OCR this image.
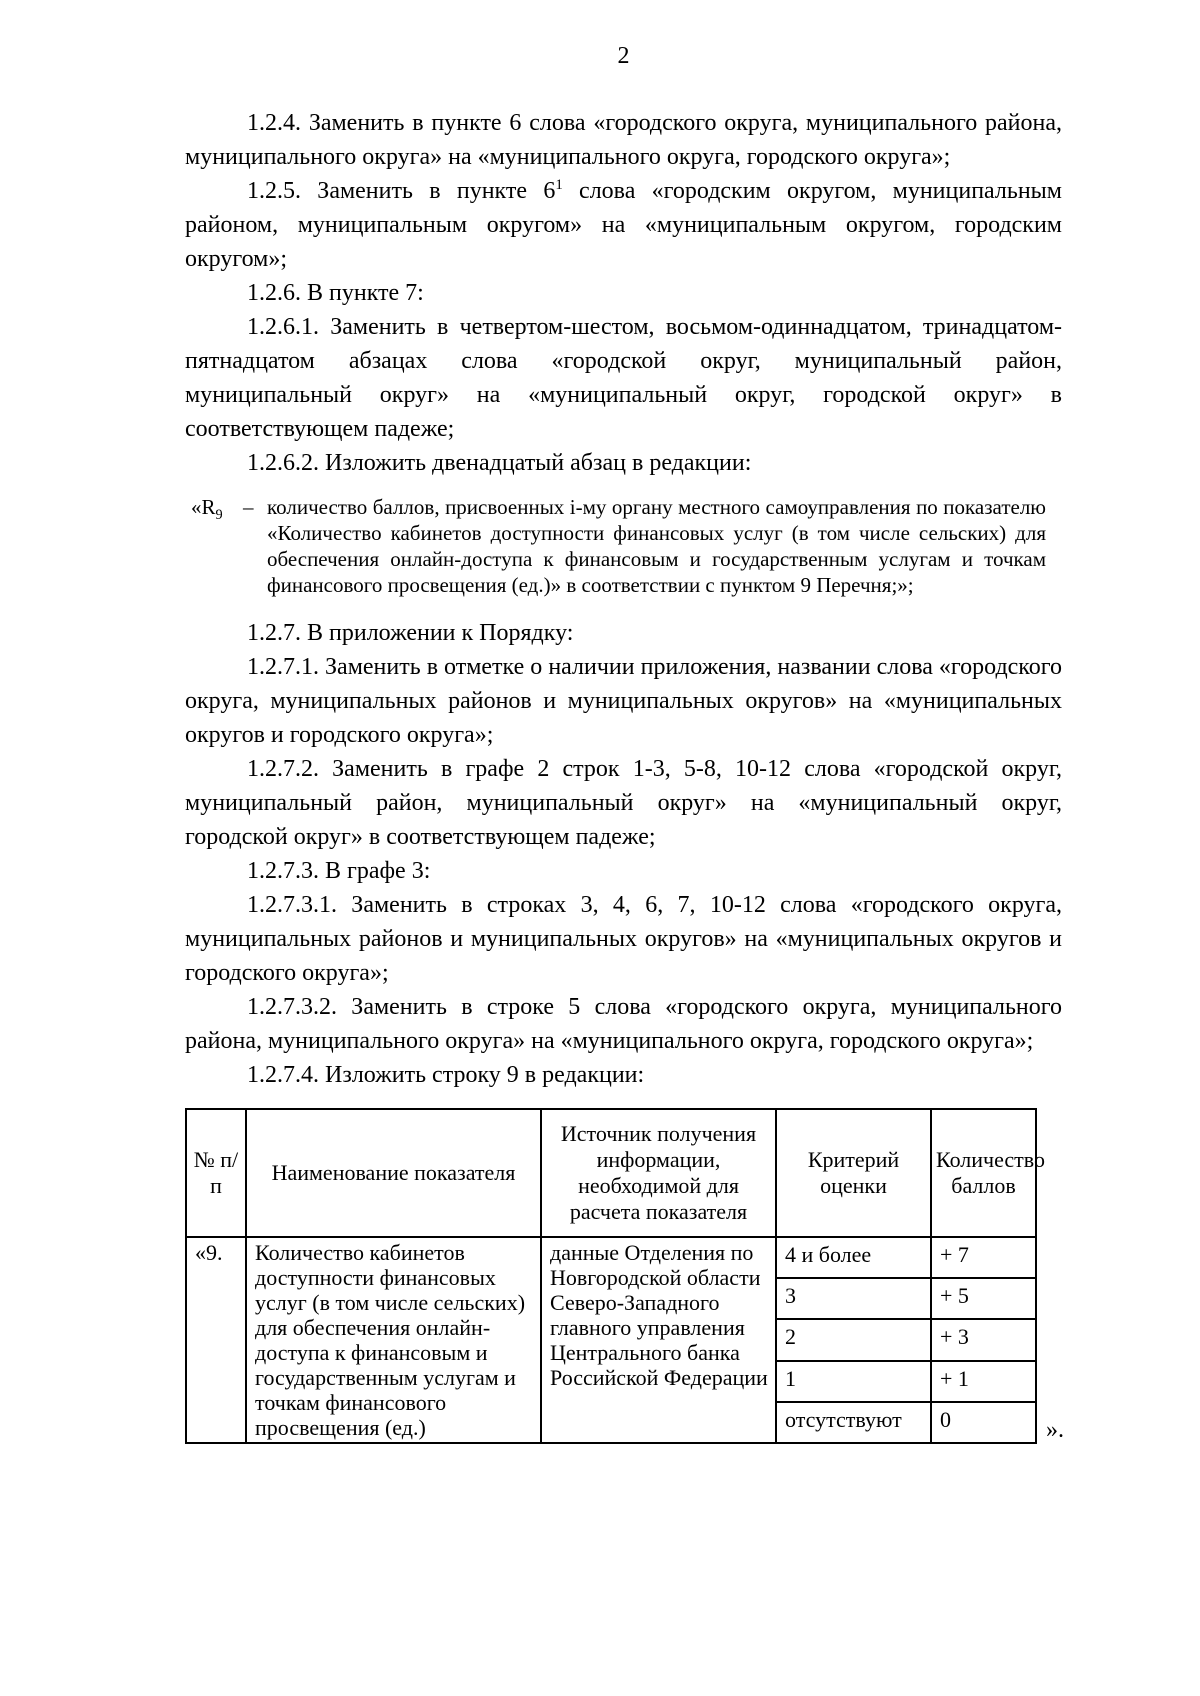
2

1.2.4. Заменить в пункте 6 слова «городского округа, муниципального района, муниципального округа» на «муниципального округа, городского округа»;

1.2.5. Заменить в пункте 6$^1$ слова «городским округом, муниципальным районом, муниципальным округом» на «муниципальным округом, городским округом»;

1.2.6. В пункте 7:

1.2.6.1. Заменить в четвертом-шестом, восьмом-одиннадцатом, тринадцатом-пятнадцатом абзацах слова «городской округ, муниципальный район, муниципальный округ» на «муниципальный округ, городской округ» в соответствующем падеже;

1.2.6.2. Изложить двенадцатый абзац в редакции:

«$R_9$ – количество баллов, присвоенных i-му органу местного самоуправления по показателю «Количество кабинетов доступности финансовых услуг (в том числе сельских) для обеспечения онлайн-доступа к финансовым и государственным услугам и точкам финансового просвещения (ед.)» в соответствии с пунктом 9 Перечня;»;

1.2.7. В приложении к Порядку:

1.2.7.1. Заменить в отметке о наличии приложения, названии слова «городского округа, муниципальных районов и муниципальных округов» на «муниципальных округов и городского округа»;

1.2.7.2. Заменить в графе 2 строк 1-3, 5-8, 10-12 слова «городской округ, муниципальный район, муниципальный округ» на «муниципальный округ, городской округ» в соответствующем падеже;

1.2.7.3. В графе 3:

1.2.7.3.1. Заменить в строках 3, 4, 6, 7, 10-12 слова «городского округа, муниципальных районов и муниципальных округов» на «муниципальных округов и городского округа»;

1.2.7.3.2. Заменить в строке 5 слова «городского округа, муниципального района, муниципального округа» на «муниципального округа, городского округа»;

1.2.7.4. Изложить строку 9 в редакции:

№ п/п	Наименование показателя	Источник получения информации, необходимой для расчета показателя	Критерий оценки	Количество баллов
«9.	Количество кабинетов доступности финансовых услуг (в том числе сельских) для обеспечения онлайн-доступа к финансовым и государственным услугам и точкам финансового просвещения (ед.)	данные Отделения по Новгородской области Северо-Западного главного управления Центрального банка Российской Федерации	4 и более	+ 7
			3	+ 5
			2	+ 3
			1	+ 1
			отсутствуют	0	».
